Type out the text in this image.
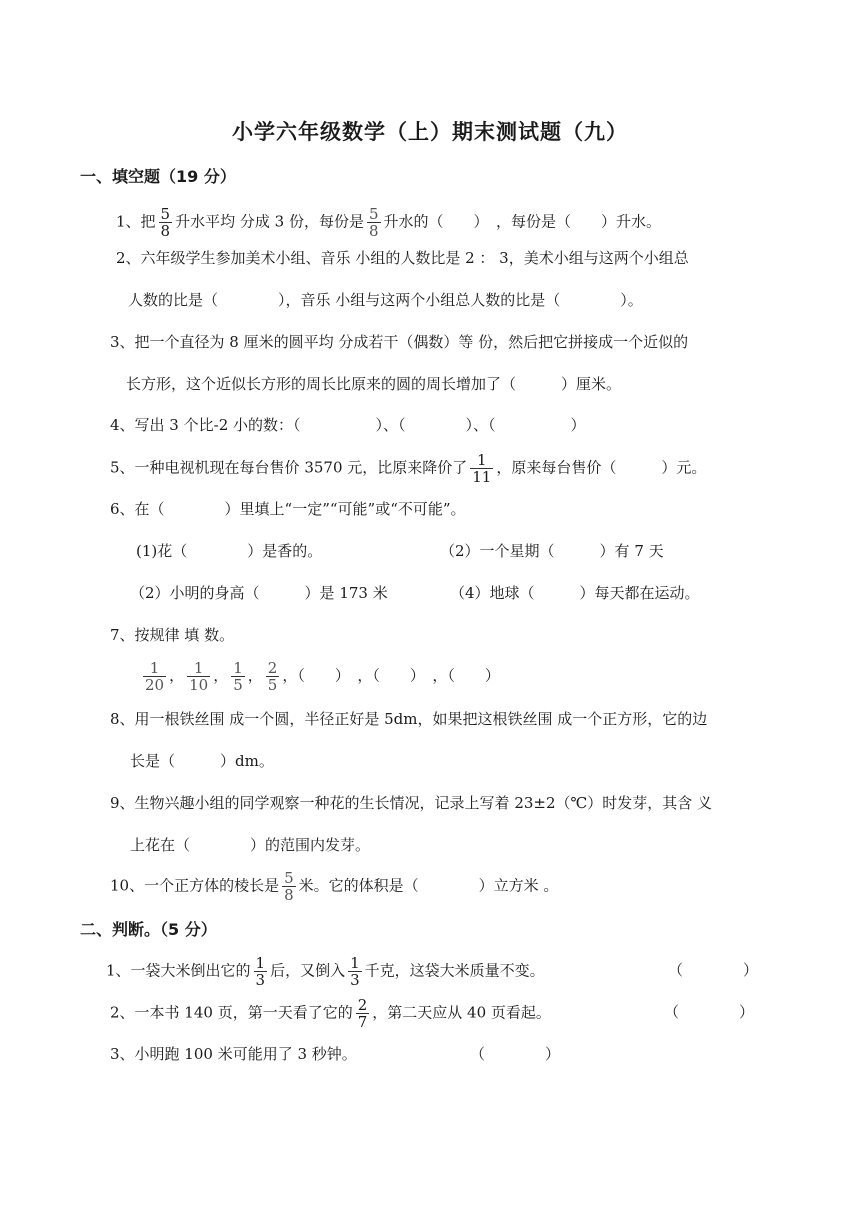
小学六年级数学（上）期末测试题（九）
一、填空题（19 分）
1、把 $\frac{5}{8}$ 升水平均 分成 3 份，每份是 $\frac{5}{8}$ 升水的（　　）　，每份是（　　）升水。
2、六年级学生参加美术小组、音乐 小组的人数比是 2 ： 3，美术小组与这两个小组总
人数的比是（　　　　），音乐 小组与这两个小组总人数的比是（　　　　）。
3、把一个直径为 8 厘米的圆平均 分成若干（偶数）等 份，然后把它拼接成一个近似的
长方形，这个近似长方形的周长比原来的圆的周长增加了（　　　）厘米。
4、写出 3 个比-2 小的数：（　　　　　）、（　　　　）、（　　　　　）
5、一种电视机现在每台售价 3570 元，比原来降价了 $\frac{1}{11}$ ，原来每台售价（　　　）元。
6、在（　　　　）里填上“一定”“可能”或“不可能”。
(1)花（　　　　）是香的。	（2）一个星期（　　　）有 7 天
（2）小明的身高（　　　）是 173 米	（4）地球（　　　）每天都在运动。
7、按规律 填 数。
$\frac{1}{20}$ ， $\frac{1}{10}$ ， $\frac{1}{5}$ ， $\frac{2}{5}$ ，（　　）　，（　　）　，（　　）
8、用一根铁丝围 成一个圆，半径正好是 5dm，如果把这根铁丝围 成一个正方形，它的边
长是（　　　）dm。
9、生物兴趣小组的同学观察一种花的生长情况，记录上写着 23±2（℃）时发芽，其含 义
上花在（　　　　）的范围内发芽。
10、一个正方体的棱长是 $\frac{5}{8}$ 米。它的体积是（　　　　）立方米 。
二、判断。（5 分）
1、一袋大米倒出它的 $\frac{1}{3}$ 后，又倒入 $\frac{1}{3}$ 千克，这袋大米质量不变。	（　　　　）
2、一本书 140 页，第一天看了它的 $\frac{2}{7}$ ，第二天应从 40 页看起。	（　　　　）
3、小明跑 100 米可能用了 3 秒钟。	（　　　　）
